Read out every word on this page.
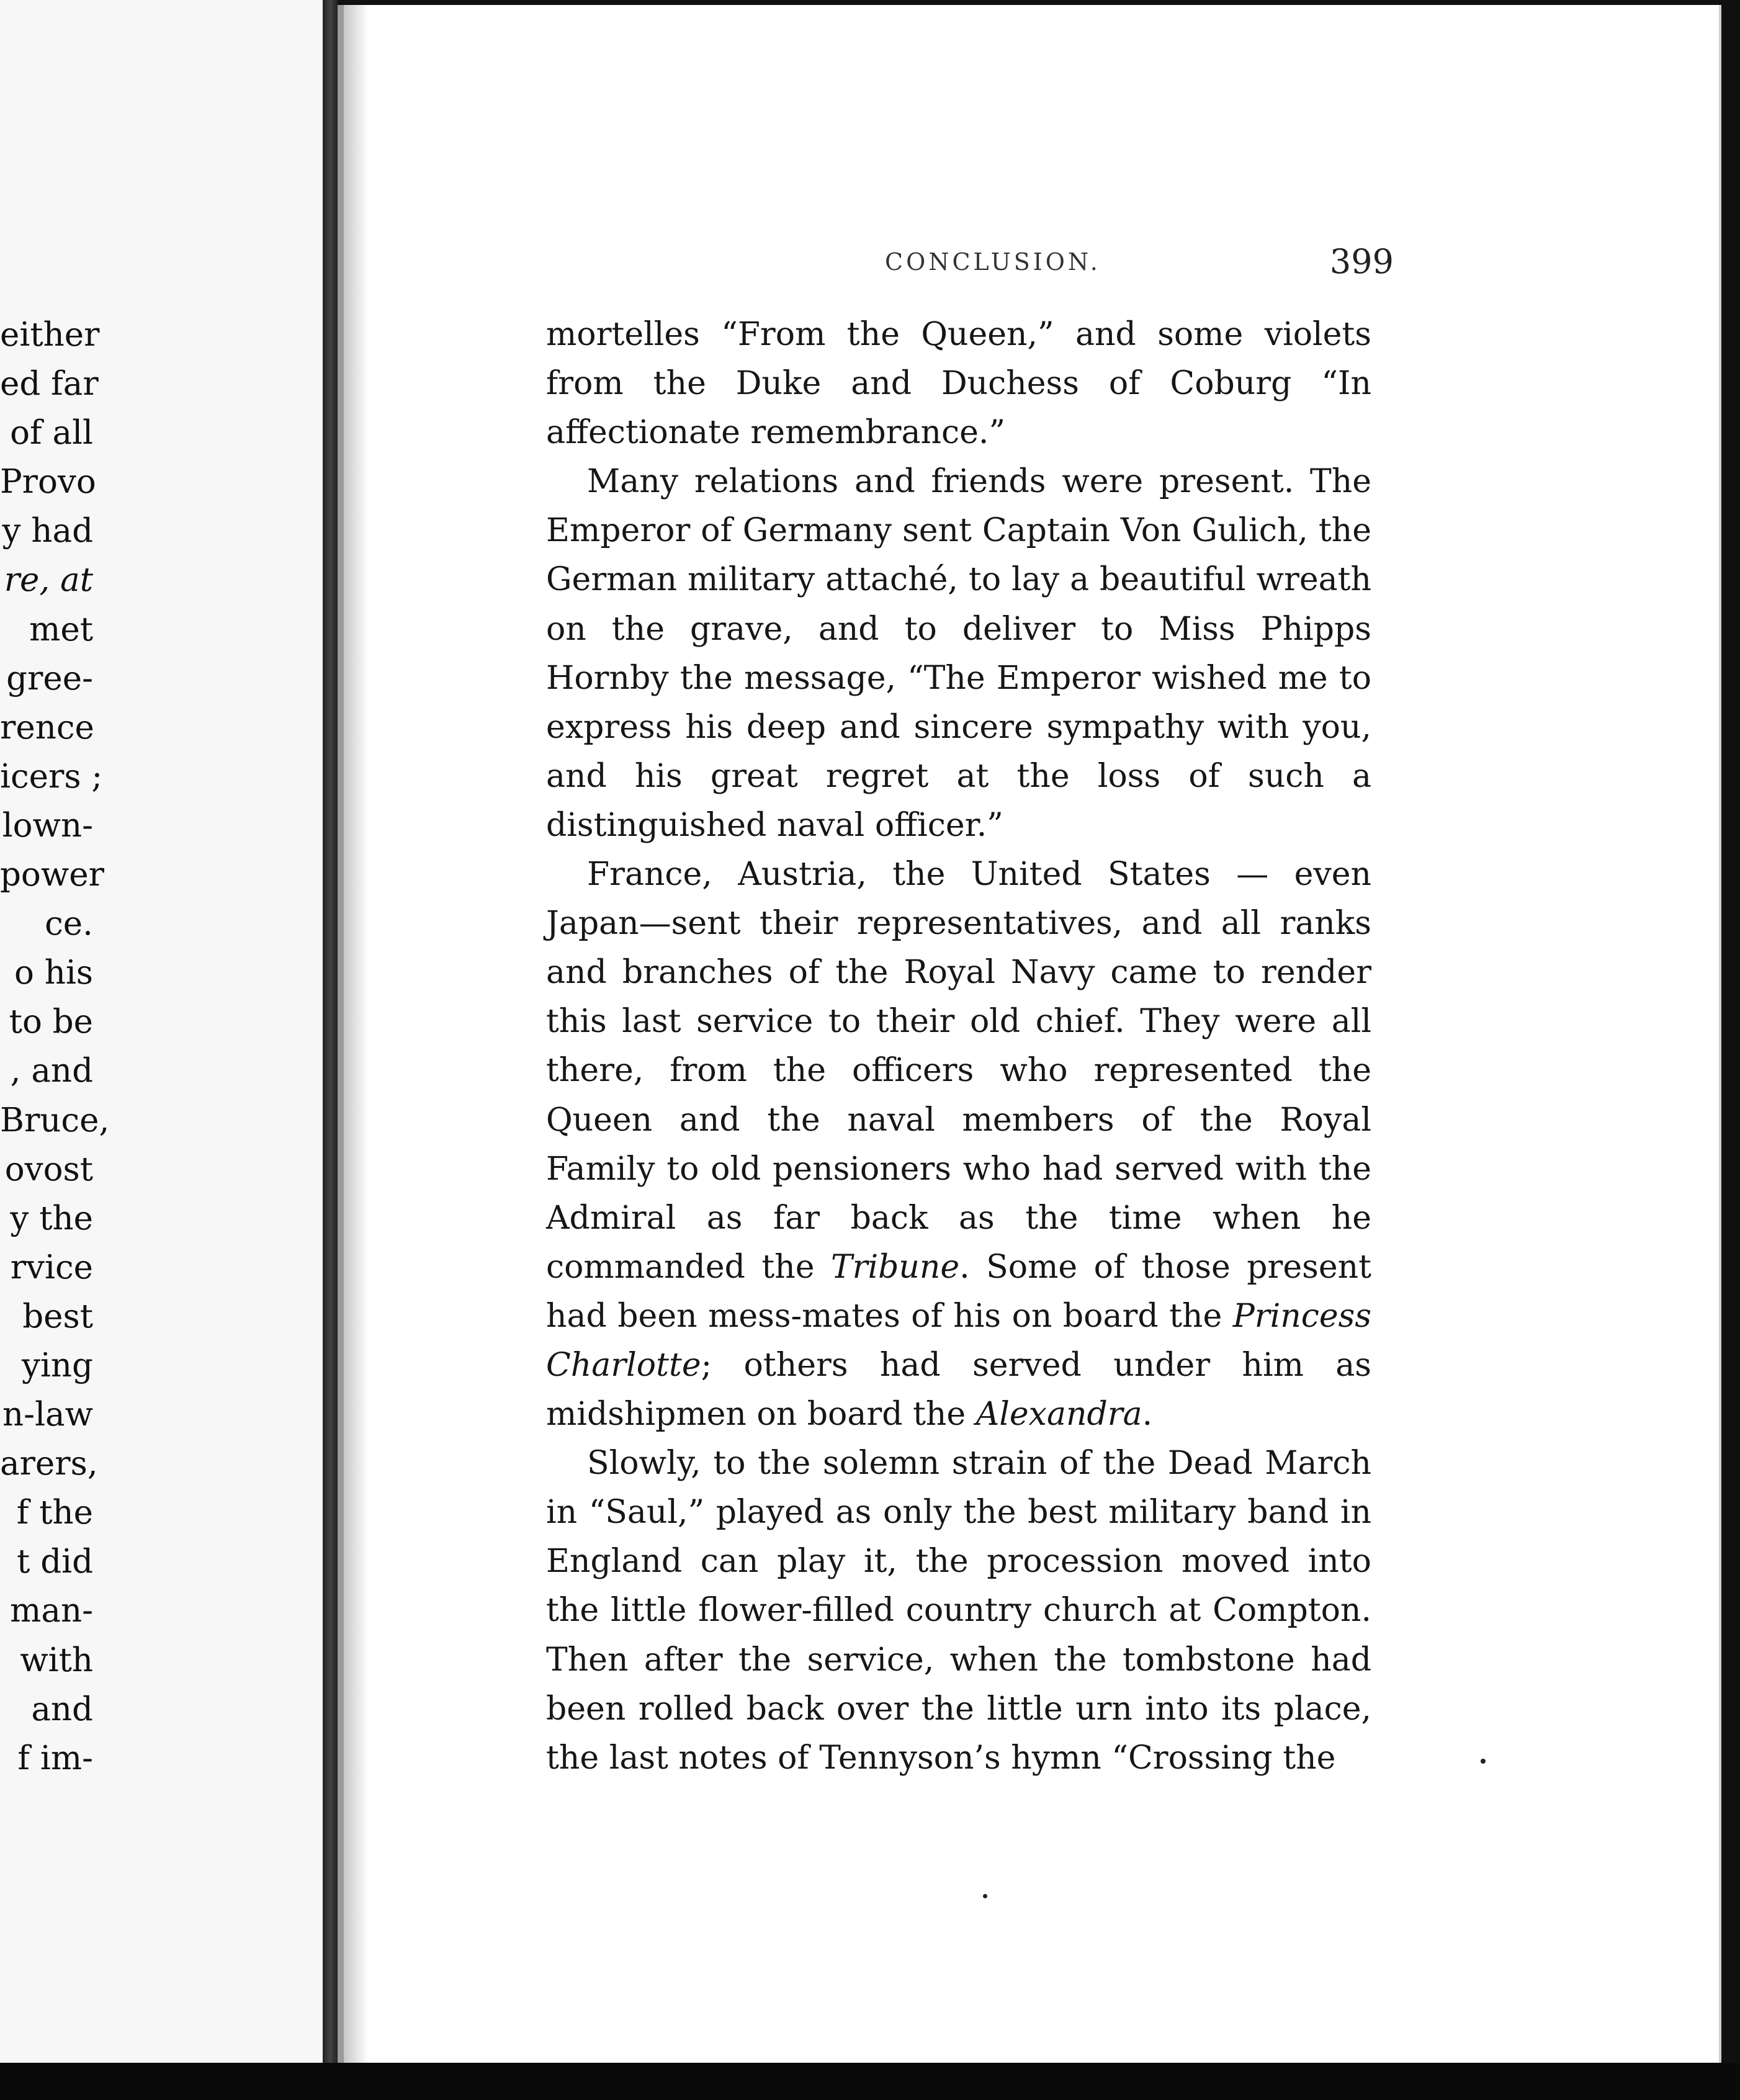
either
ed far
of all
Provo
y had
re, at
met
gree-
rence
icers ;
lown-
power
ce.
o his
to be
, and
Bruce,
ovost
y the
rvice
best
ying
n-law
arers,
f the
t did
man-
with
and
f im-
CONCLUSION.	399

mortelles “From the Queen,” and some violets from the Duke and Duchess of Coburg “In affectionate remembrance.”

Many relations and friends were present. The Emperor of Germany sent Captain Von Gulich, the German military attaché, to lay a beautiful wreath on the grave, and to deliver to Miss Phipps Hornby the message, “The Emperor wished me to express his deep and sincere sympathy with you, and his great regret at the loss of such a distinguished naval officer.”

France, Austria, the United States — even Japan—sent their representatives, and all ranks and branches of the Royal Navy came to render this last service to their old chief. They were all there, from the officers who represented the Queen and the naval members of the Royal Family to old pensioners who had served with the Admiral as far back as the time when he commanded the Tribune. Some of those present had been mess-mates of his on board the Princess Charlotte; others had served under him as midshipmen on board the Alexandra.

Slowly, to the solemn strain of the Dead March in “Saul,” played as only the best military band in England can play it, the procession moved into the little flower-filled country church at Compton. Then after the service, when the tombstone had been rolled back over the little urn into its place, the last notes of Tennyson’s hymn “Crossing the
